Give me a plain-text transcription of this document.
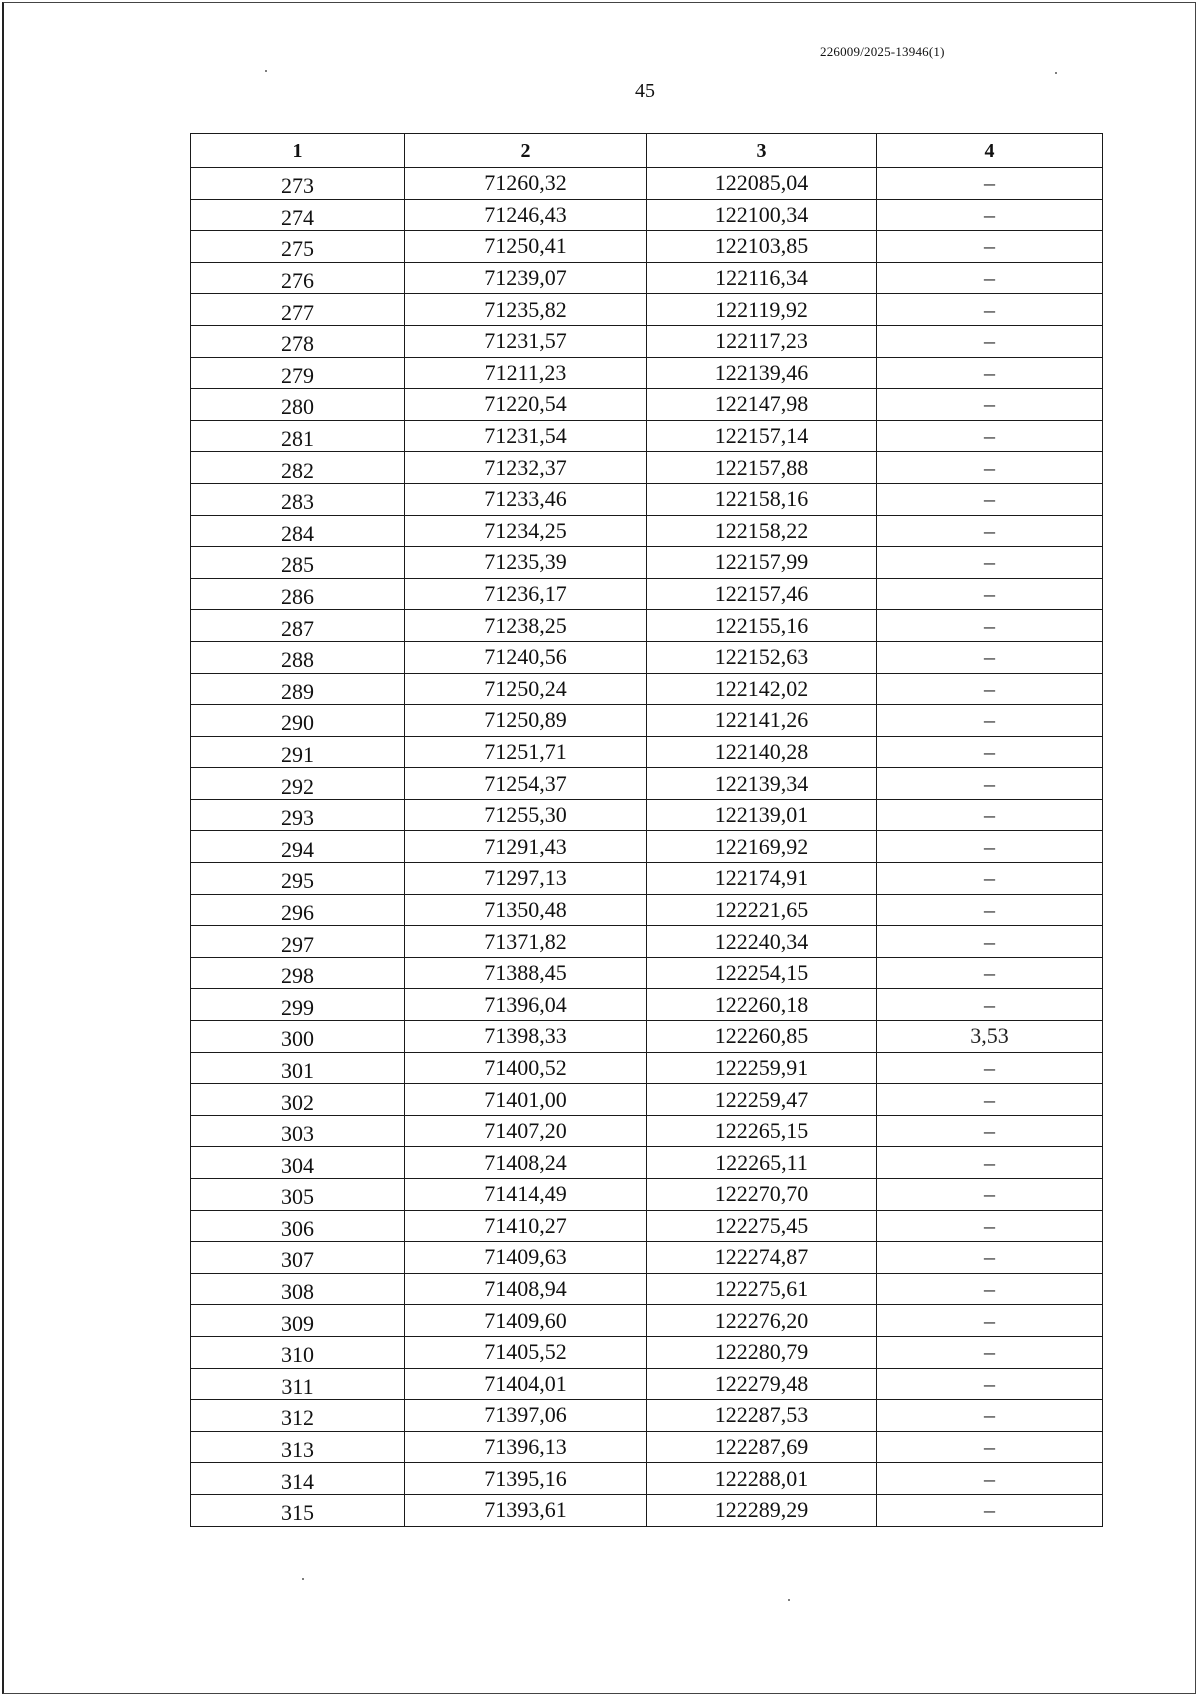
226009/2025-13946(1)
45
1	2	3	4
273	71260,32	122085,04	–
274	71246,43	122100,34	–
275	71250,41	122103,85	–
276	71239,07	122116,34	–
277	71235,82	122119,92	–
278	71231,57	122117,23	–
279	71211,23	122139,46	–
280	71220,54	122147,98	–
281	71231,54	122157,14	–
282	71232,37	122157,88	–
283	71233,46	122158,16	–
284	71234,25	122158,22	–
285	71235,39	122157,99	–
286	71236,17	122157,46	–
287	71238,25	122155,16	–
288	71240,56	122152,63	–
289	71250,24	122142,02	–
290	71250,89	122141,26	–
291	71251,71	122140,28	–
292	71254,37	122139,34	–
293	71255,30	122139,01	–
294	71291,43	122169,92	–
295	71297,13	122174,91	–
296	71350,48	122221,65	–
297	71371,82	122240,34	–
298	71388,45	122254,15	–
299	71396,04	122260,18	–
300	71398,33	122260,85	3,53
301	71400,52	122259,91	–
302	71401,00	122259,47	–
303	71407,20	122265,15	–
304	71408,24	122265,11	–
305	71414,49	122270,70	–
306	71410,27	122275,45	–
307	71409,63	122274,87	–
308	71408,94	122275,61	–
309	71409,60	122276,20	–
310	71405,52	122280,79	–
311	71404,01	122279,48	–
312	71397,06	122287,53	–
313	71396,13	122287,69	–
314	71395,16	122288,01	–
315	71393,61	122289,29	–
